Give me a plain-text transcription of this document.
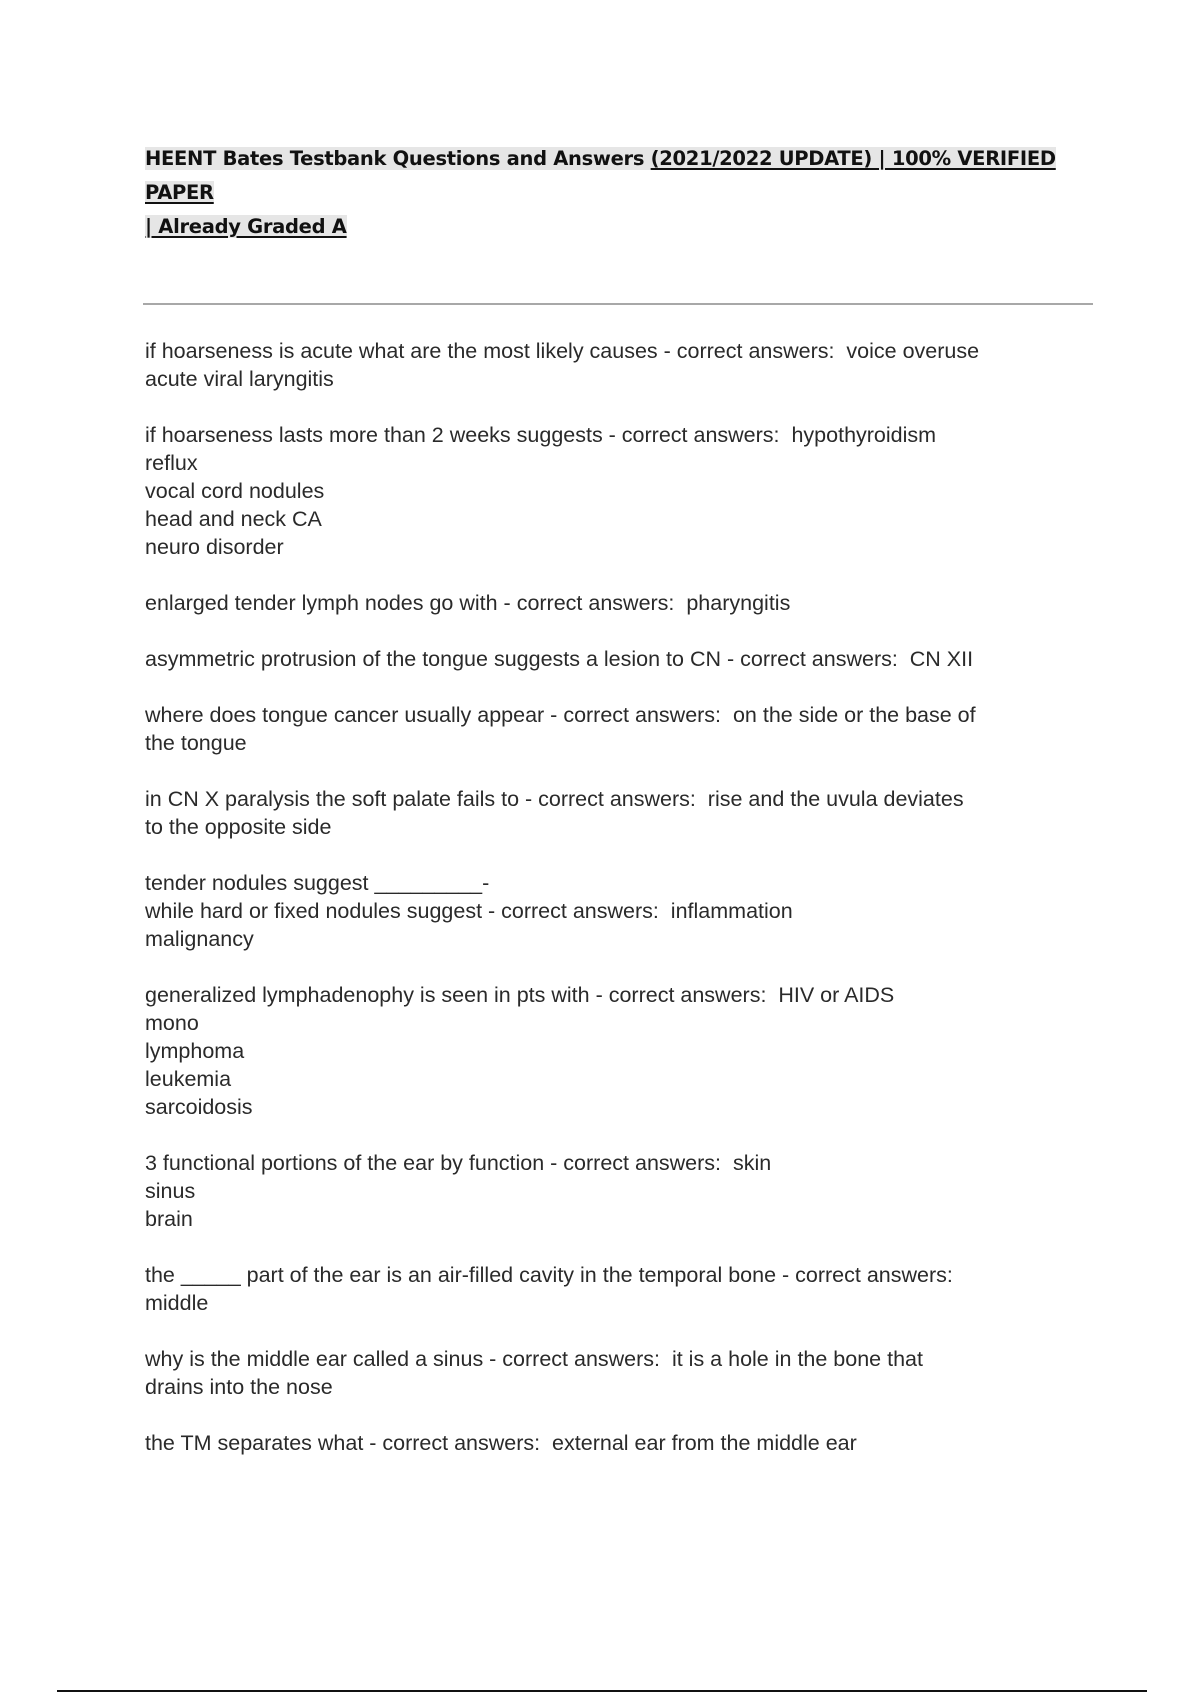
HEENT Bates Testbank Questions and Answers (2021/2022 UPDATE) | 100% VERIFIED PAPER
| Already Graded A
if hoarseness is acute what are the most likely causes - correct answers:  voice overuse
acute viral laryngitis
if hoarseness lasts more than 2 weeks suggests - correct answers:  hypothyroidism
reflux
vocal cord nodules
head and neck CA
neuro disorder
enlarged tender lymph nodes go with - correct answers:  pharyngitis
asymmetric protrusion of the tongue suggests a lesion to CN - correct answers:  CN XII
where does tongue cancer usually appear - correct answers:  on the side or the base of
the tongue
in CN X paralysis the soft palate fails to - correct answers:  rise and the uvula deviates
to the opposite side
tender nodules suggest _________-
while hard or fixed nodules suggest - correct answers:  inflammation
malignancy
generalized lymphadenophy is seen in pts with - correct answers:  HIV or AIDS
mono
lymphoma
leukemia
sarcoidosis
3 functional portions of the ear by function - correct answers:  skin
sinus
brain
the _____ part of the ear is an air-filled cavity in the temporal bone - correct answers:
middle
why is the middle ear called a sinus - correct answers:  it is a hole in the bone that
drains into the nose
the TM separates what - correct answers:  external ear from the middle ear
